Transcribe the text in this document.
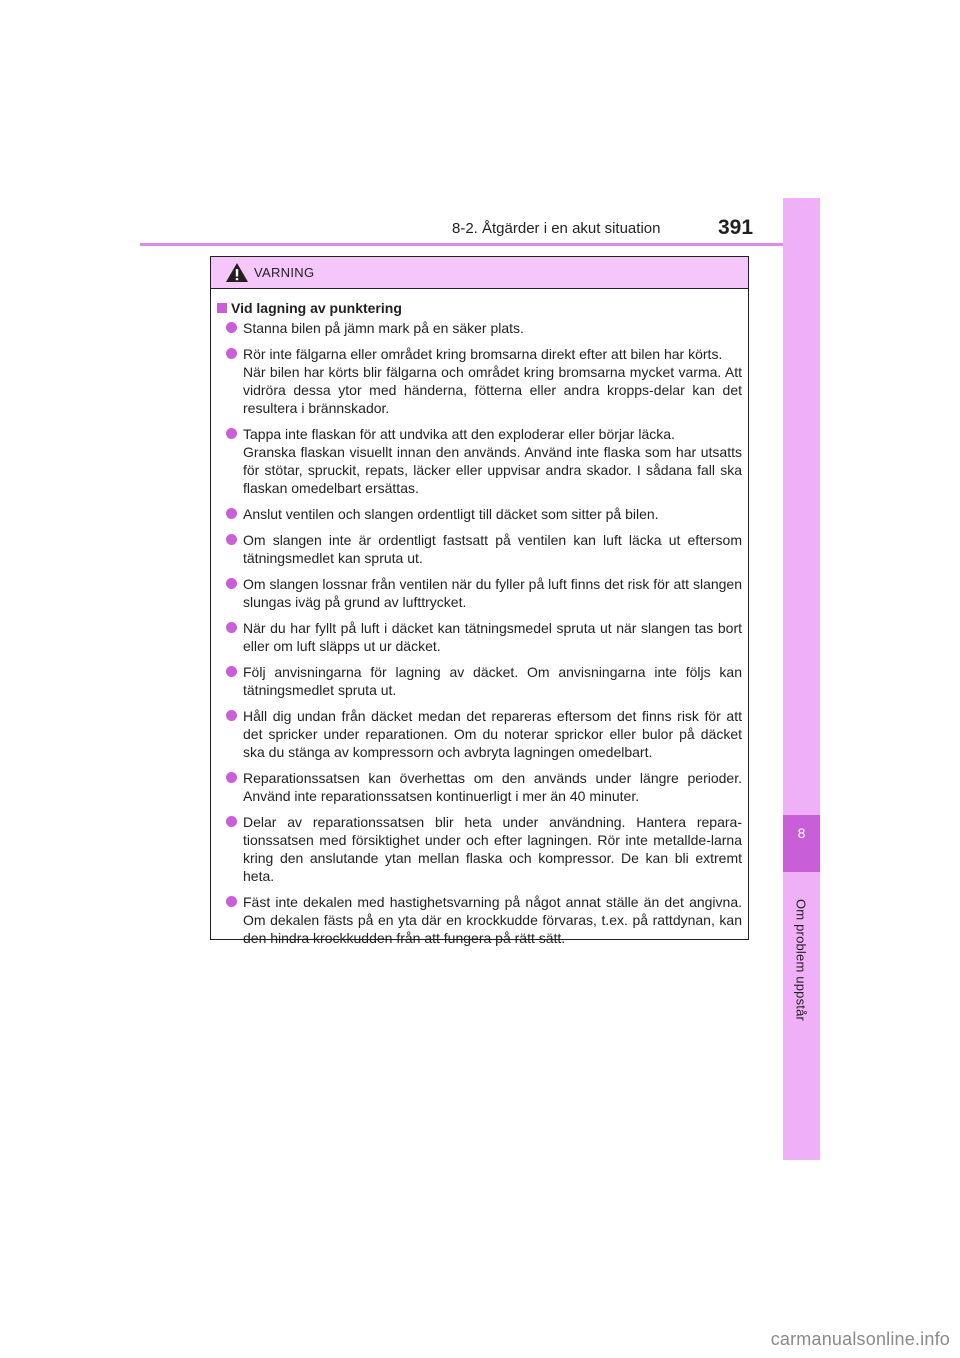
8-2. Åtgärder i en akut situation	391
8
Om problem uppstår
VARNING
Vid lagning av punktering
Stanna bilen på jämn mark på en säker plats.
Rör inte fälgarna eller området kring bromsarna direkt efter att bilen har körts.
När bilen har körts blir fälgarna och området kring bromsarna mycket varma. Att vidröra dessa ytor med händerna, fötterna eller andra kropps-delar kan det resultera i brännskador.
Tappa inte flaskan för att undvika att den exploderar eller börjar läcka.
Granska flaskan visuellt innan den används. Använd inte flaska som har utsatts för stötar, spruckit, repats, läcker eller uppvisar andra skador. I sådana fall ska flaskan omedelbart ersättas.
Anslut ventilen och slangen ordentligt till däcket som sitter på bilen.
Om slangen inte är ordentligt fastsatt på ventilen kan luft läcka ut eftersom tätningsmedlet kan spruta ut.
Om slangen lossnar från ventilen när du fyller på luft finns det risk för att slangen slungas iväg på grund av lufttrycket.
När du har fyllt på luft i däcket kan tätningsmedel spruta ut när slangen tas bort eller om luft släpps ut ur däcket.
Följ anvisningarna för lagning av däcket. Om anvisningarna inte följs kan tätningsmedlet spruta ut.
Håll dig undan från däcket medan det repareras eftersom det finns risk för att det spricker under reparationen. Om du noterar sprickor eller bulor på däcket ska du stänga av kompressorn och avbryta lagningen omedelbart.
Reparationssatsen kan överhettas om den används under längre perioder. Använd inte reparationssatsen kontinuerligt i mer än 40 minuter.
Delar av reparationssatsen blir heta under användning. Hantera repara-tionssatsen med försiktighet under och efter lagningen. Rör inte metallde-larna kring den anslutande ytan mellan flaska och kompressor. De kan bli extremt heta.
Fäst inte dekalen med hastighetsvarning på något annat ställe än det angivna. Om dekalen fästs på en yta där en krockkudde förvaras, t.ex. på rattdynan, kan den hindra krockkudden från att fungera på rätt sätt.
carmanualsonline.info
